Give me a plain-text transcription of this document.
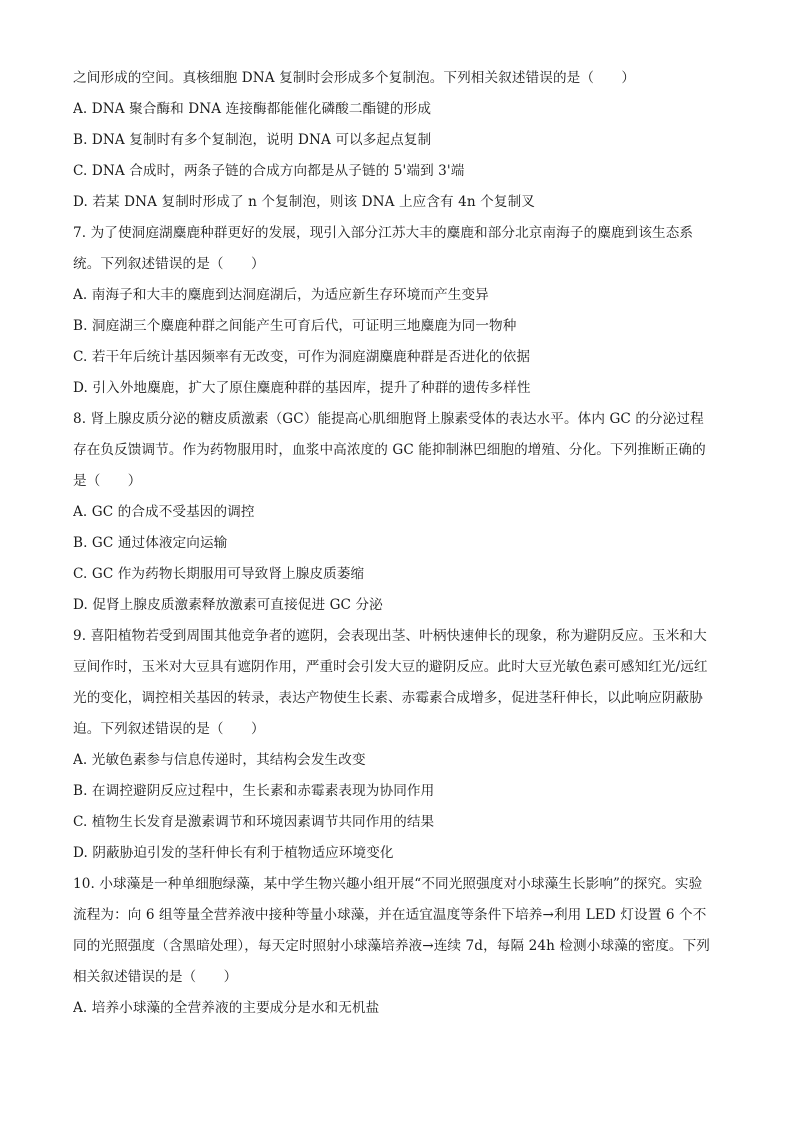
之间形成的空间。真核细胞 DNA 复制时会形成多个复制泡。下列相关叙述错误的是（　　）
A. DNA 聚合酶和 DNA 连接酶都能催化磷酸二酯键的形成
B. DNA 复制时有多个复制泡，说明 DNA 可以多起点复制
C. DNA 合成时，两条子链的合成方向都是从子链的 5'端到 3'端
D. 若某 DNA 复制时形成了 n 个复制泡，则该 DNA 上应含有 4n 个复制叉
7. 为了使洞庭湖麋鹿种群更好的发展，现引入部分江苏大丰的麋鹿和部分北京南海子的麋鹿到该生态系
统。下列叙述错误的是（　　）
A. 南海子和大丰的麋鹿到达洞庭湖后，为适应新生存环境而产生变异
B. 洞庭湖三个麋鹿种群之间能产生可育后代，可证明三地麋鹿为同一物种
C. 若干年后统计基因频率有无改变，可作为洞庭湖麋鹿种群是否进化的依据
D. 引入外地麋鹿，扩大了原住麋鹿种群的基因库，提升了种群的遗传多样性
8. 肾上腺皮质分泌的糖皮质激素（GC）能提高心肌细胞肾上腺素受体的表达水平。体内 GC 的分泌过程
存在负反馈调节。作为药物服用时，血浆中高浓度的 GC 能抑制淋巴细胞的增殖、分化。下列推断正确的
是（　　）
A. GC 的合成不受基因的调控
B. GC 通过体液定向运输
C. GC 作为药物长期服用可导致肾上腺皮质萎缩
D. 促肾上腺皮质激素释放激素可直接促进 GC 分泌
9. 喜阳植物若受到周围其他竞争者的遮阴，会表现出茎、叶柄快速伸长的现象，称为避阴反应。玉米和大
豆间作时，玉米对大豆具有遮阴作用，严重时会引发大豆的避阴反应。此时大豆光敏色素可感知红光/远红
光的变化，调控相关基因的转录，表达产物使生长素、赤霉素合成增多，促进茎秆伸长，以此响应阴蔽胁
迫。下列叙述错误的是（　　）
A. 光敏色素参与信息传递时，其结构会发生改变
B. 在调控避阴反应过程中，生长素和赤霉素表现为协同作用
C. 植物生长发育是激素调节和环境因素调节共同作用的结果
D. 阴蔽胁迫引发的茎秆伸长有利于植物适应环境变化
10. 小球藻是一种单细胞绿藻，某中学生物兴趣小组开展“不同光照强度对小球藻生长影响”的探究。实验
流程为：向 6 组等量全营养液中接种等量小球藻，并在适宜温度等条件下培养→利用 LED 灯设置 6 个不
同的光照强度（含黑暗处理），每天定时照射小球藻培养液→连续 7d，每隔 24h 检测小球藻的密度。下列
相关叙述错误的是（　　）
A. 培养小球藻的全营养液的主要成分是水和无机盐
